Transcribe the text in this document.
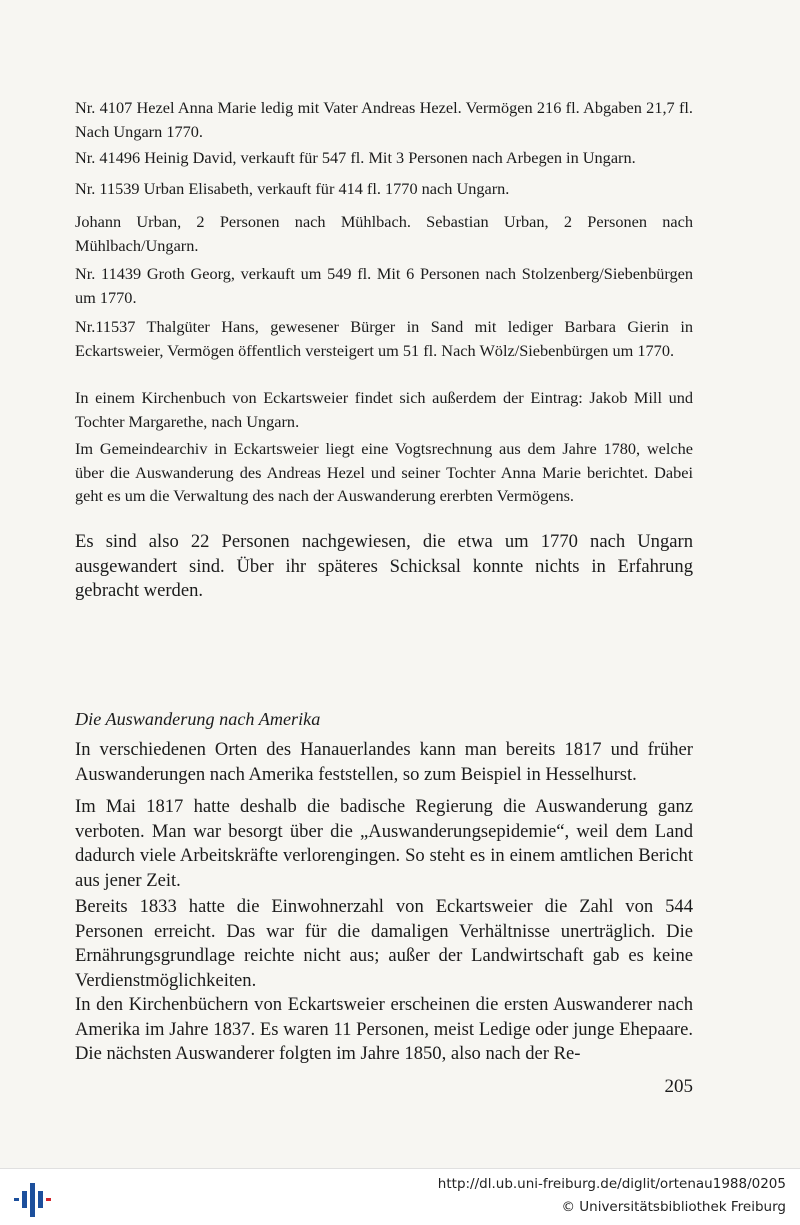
Nr. 4107 Hezel Anna Marie ledig mit Vater Andreas Hezel. Vermögen 216 fl. Abgaben 21,7 fl. Nach Ungarn 1770.

Nr. 41496 Heinig David, verkauft für 547 fl. Mit 3 Personen nach Arbegen in Ungarn.

Nr. 11539 Urban Elisabeth, verkauft für 414 fl. 1770 nach Ungarn.

Johann Urban, 2 Personen nach Mühlbach. Sebastian Urban, 2 Personen nach Mühlbach/Ungarn.

Nr. 11439 Groth Georg, verkauft um 549 fl. Mit 6 Personen nach Stolzenberg/Siebenbürgen um 1770.

Nr.11537 Thalgüter Hans, gewesener Bürger in Sand mit lediger Barbara Gierin in Eckartsweier, Vermögen öffentlich versteigert um 51 fl. Nach Wölz/Siebenbürgen um 1770.

In einem Kirchenbuch von Eckartsweier findet sich außerdem der Eintrag: Jakob Mill und Tochter Margarethe, nach Ungarn.

Im Gemeindearchiv in Eckartsweier liegt eine Vogtsrechnung aus dem Jahre 1780, welche über die Auswanderung des Andreas Hezel und seiner Tochter Anna Marie berichtet. Dabei geht es um die Verwaltung des nach der Auswanderung ererbten Vermögens.

Es sind also 22 Personen nachgewiesen, die etwa um 1770 nach Ungarn ausgewandert sind. Über ihr späteres Schicksal konnte nichts in Erfahrung gebracht werden.

Die Auswanderung nach Amerika

In verschiedenen Orten des Hanauerlandes kann man bereits 1817 und früher Auswanderungen nach Amerika feststellen, so zum Beispiel in Hesselhurst.

Im Mai 1817 hatte deshalb die badische Regierung die Auswanderung ganz verboten. Man war besorgt über die „Auswanderungsepidemie“, weil dem Land dadurch viele Arbeitskräfte verlorengingen. So steht es in einem amtlichen Bericht aus jener Zeit.

Bereits 1833 hatte die Einwohnerzahl von Eckartsweier die Zahl von 544 Personen erreicht. Das war für die damaligen Verhältnisse unerträglich. Die Ernährungsgrundlage reichte nicht aus; außer der Landwirtschaft gab es keine Verdienstmöglichkeiten.

In den Kirchenbüchern von Eckartsweier erscheinen die ersten Auswanderer nach Amerika im Jahre 1837. Es waren 11 Personen, meist Ledige oder junge Ehepaare. Die nächsten Auswanderer folgten im Jahre 1850, also nach der Re-

205
http://dl.ub.uni-freiburg.de/diglit/ortenau1988/0205
© Universitätsbibliothek Freiburg
